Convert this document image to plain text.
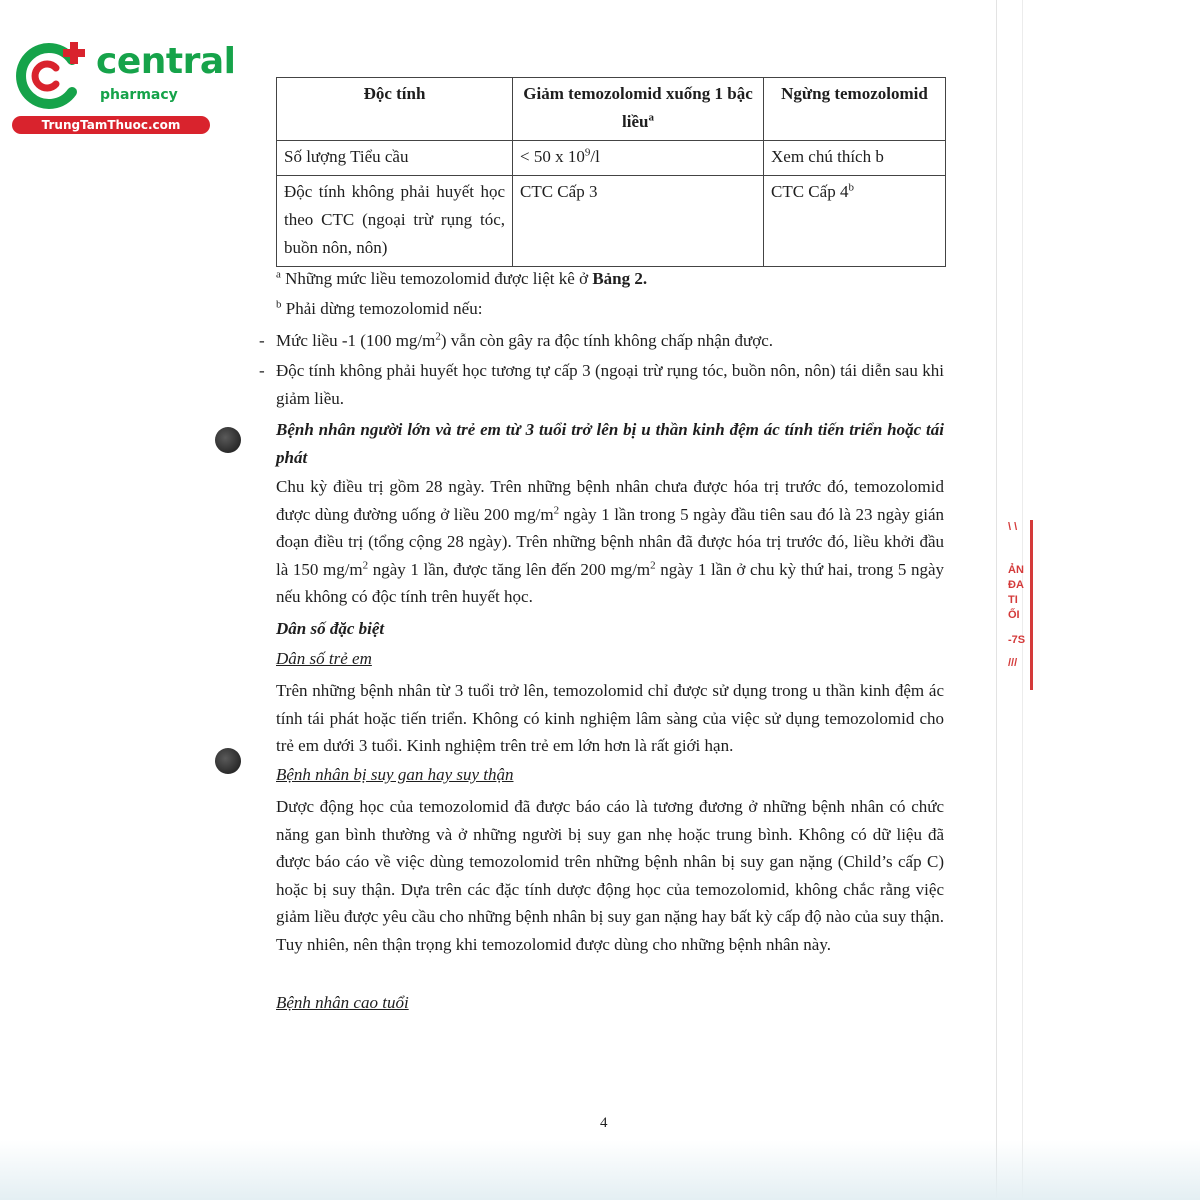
central
pharmacy
TrungTamThuoc.com
Độc tính	Giảm temozolomid xuống 1 bậc liều$^a$	Ngừng temozolomid
Số lượng Tiểu cầu	< 50 x $10^9/l$	Xem chú thích b
Độc tính không phải huyết học theo CTC (ngoại trừ rụng tóc, buồn nôn, nôn)	CTC Cấp 3	CTC Cấp 4$^b$
$^a$ Những mức liều temozolomid được liệt kê ở Bảng 2.
$^b$ Phải dừng temozolomid nếu:
- Mức liều -1 (100 $mg/m^2$) vẫn còn gây ra độc tính không chấp nhận được.
- Độc tính không phải huyết học tương tự cấp 3 (ngoại trừ rụng tóc, buồn nôn, nôn) tái diễn sau khi giảm liều.
Bệnh nhân người lớn và trẻ em từ 3 tuổi trở lên bị u thần kinh đệm ác tính tiến triển hoặc tái phát
Chu kỳ điều trị gồm 28 ngày. Trên những bệnh nhân chưa được hóa trị trước đó, temozolomid được dùng đường uống ở liều 200 $mg/m^2$ ngày 1 lần trong 5 ngày đầu tiên sau đó là 23 ngày gián đoạn điều trị (tổng cộng 28 ngày). Trên những bệnh nhân đã được hóa trị trước đó, liều khởi đầu là 150 $mg/m^2$ ngày 1 lần, được tăng lên đến 200 $mg/m^2$ ngày 1 lần ở chu kỳ thứ hai, trong 5 ngày nếu không có độc tính trên huyết học.
Dân số đặc biệt
Dân số trẻ em
Trên những bệnh nhân từ 3 tuổi trở lên, temozolomid chỉ được sử dụng trong u thần kinh đệm ác tính tái phát hoặc tiến triển. Không có kinh nghiệm lâm sàng của việc sử dụng temozolomid cho trẻ em dưới 3 tuổi. Kinh nghiệm trên trẻ em lớn hơn là rất giới hạn.
Bệnh nhân bị suy gan hay suy thận
Dược động học của temozolomid đã được báo cáo là tương đương ở những bệnh nhân có chức năng gan bình thường và ở những người bị suy gan nhẹ hoặc trung bình. Không có dữ liệu đã được báo cáo về việc dùng temozolomid trên những bệnh nhân bị suy gan nặng (Child’s cấp C) hoặc bị suy thận. Dựa trên các đặc tính dược động học của temozolomid, không chắc rằng việc giảm liều được yêu cầu cho những bệnh nhân bị suy gan nặng hay bất kỳ cấp độ nào của suy thận. Tuy nhiên, nên thận trọng khi temozolomid được dùng cho những bệnh nhân này.
Bệnh nhân cao tuổi
\ \
ẢN
ĐA
TI
ỐI
-7S
///
4
